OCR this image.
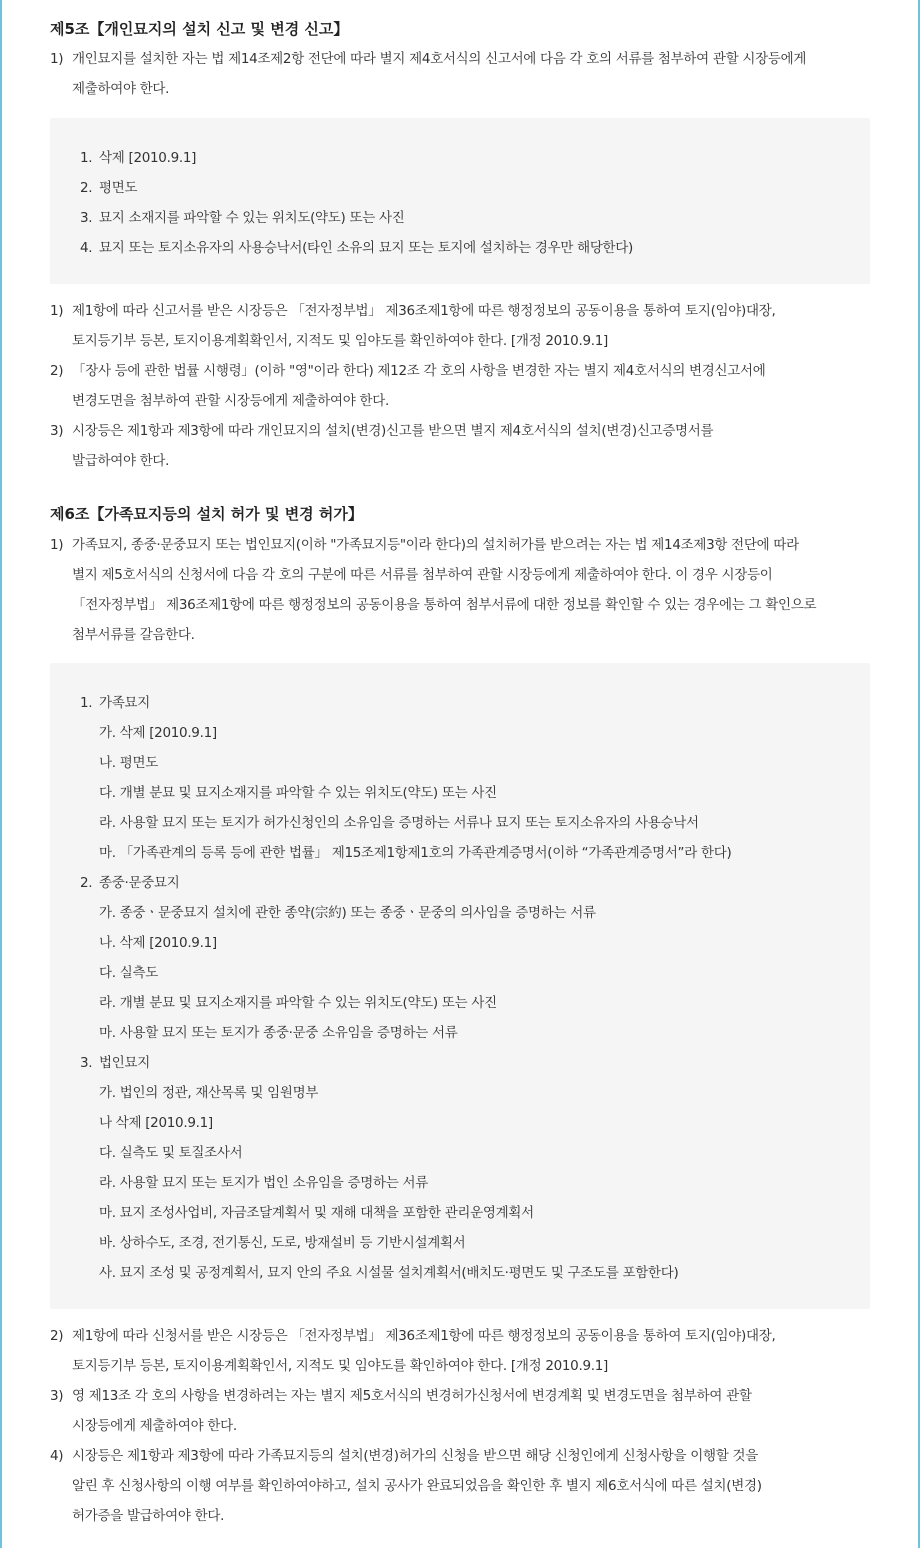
제5조【개인묘지의 설치 신고 및 변경 신고】
1) 개인묘지를 설치한 자는 법 제14조제2항 전단에 따라 별지 제4호서식의 신고서에 다음 각 호의 서류를 첨부하여 관할 시장등에게
제출하여야 한다.
1. 삭제 [2010.9.1]
2. 평면도
3. 묘지 소재지를 파악할 수 있는 위치도(약도) 또는 사진
4. 묘지 또는 토지소유자의 사용승낙서(타인 소유의 묘지 또는 토지에 설치하는 경우만 해당한다)
1) 제1항에 따라 신고서를 받은 시장등은 「전자정부법」 제36조제1항에 따른 행정정보의 공동이용을 통하여 토지(임야)대장,
토지등기부 등본, 토지이용계획확인서, 지적도 및 임야도를 확인하여야 한다. [개정 2010.9.1]
2) 「장사 등에 관한 법률 시행령」(이하 "영"이라 한다) 제12조 각 호의 사항을 변경한 자는 별지 제4호서식의 변경신고서에
변경도면을 첨부하여 관할 시장등에게 제출하여야 한다.
3) 시장등은 제1항과 제3항에 따라 개인묘지의 설치(변경)신고를 받으면 별지 제4호서식의 설치(변경)신고증명서를
발급하여야 한다.
제6조【가족묘지등의 설치 허가 및 변경 허가】
1) 가족묘지, 종중·문중묘지 또는 법인묘지(이하 "가족묘지등"이라 한다)의 설치허가를 받으려는 자는 법 제14조제3항 전단에 따라
별지 제5호서식의 신청서에 다음 각 호의 구분에 따른 서류를 첨부하여 관할 시장등에게 제출하여야 한다. 이 경우 시장등이
「전자정부법」 제36조제1항에 따른 행정정보의 공동이용을 통하여 첨부서류에 대한 정보를 확인할 수 있는 경우에는 그 확인으로
첨부서류를 갈음한다.
1. 가족묘지
가. 삭제 [2010.9.1]
나. 평면도
다. 개별 분묘 및 묘지소재지를 파악할 수 있는 위치도(약도) 또는 사진
라. 사용할 묘지 또는 토지가 허가신청인의 소유임을 증명하는 서류나 묘지 또는 토지소유자의 사용승낙서
마. 「가족관계의 등록 등에 관한 법률」 제15조제1항제1호의 가족관계증명서(이하 “가족관계증명서”라 한다)
2. 종중·문중묘지
가. 종중ㆍ문중묘지 설치에 관한 종약(宗約) 또는 종중ㆍ문중의 의사임을 증명하는 서류
나. 삭제 [2010.9.1]
다. 실측도
라. 개별 분묘 및 묘지소재지를 파악할 수 있는 위치도(약도) 또는 사진
마. 사용할 묘지 또는 토지가 종중·문중 소유임을 증명하는 서류
3. 법인묘지
가. 법인의 정관, 재산목록 및 임원명부
나 삭제 [2010.9.1]
다. 실측도 및 토질조사서
라. 사용할 묘지 또는 토지가 법인 소유임을 증명하는 서류
마. 묘지 조성사업비, 자금조달계획서 및 재해 대책을 포함한 관리운영계획서
바. 상하수도, 조경, 전기통신, 도로, 방재설비 등 기반시설계획서
사. 묘지 조성 및 공정계획서, 묘지 안의 주요 시설물 설치계획서(배치도·평면도 및 구조도를 포함한다)
2) 제1항에 따라 신청서를 받은 시장등은 「전자정부법」 제36조제1항에 따른 행정정보의 공동이용을 통하여 토지(임야)대장,
토지등기부 등본, 토지이용계획확인서, 지적도 및 임야도를 확인하여야 한다. [개정 2010.9.1]
3) 영 제13조 각 호의 사항을 변경하려는 자는 별지 제5호서식의 변경허가신청서에 변경계획 및 변경도면을 첨부하여 관할
시장등에게 제출하여야 한다.
4) 시장등은 제1항과 제3항에 따라 가족묘지등의 설치(변경)허가의 신청을 받으면 해당 신청인에게 신청사항을 이행할 것을
알린 후 신청사항의 이행 여부를 확인하여야하고, 설치 공사가 완료되었음을 확인한 후 별지 제6호서식에 따른 설치(변경)
허가증을 발급하여야 한다.
